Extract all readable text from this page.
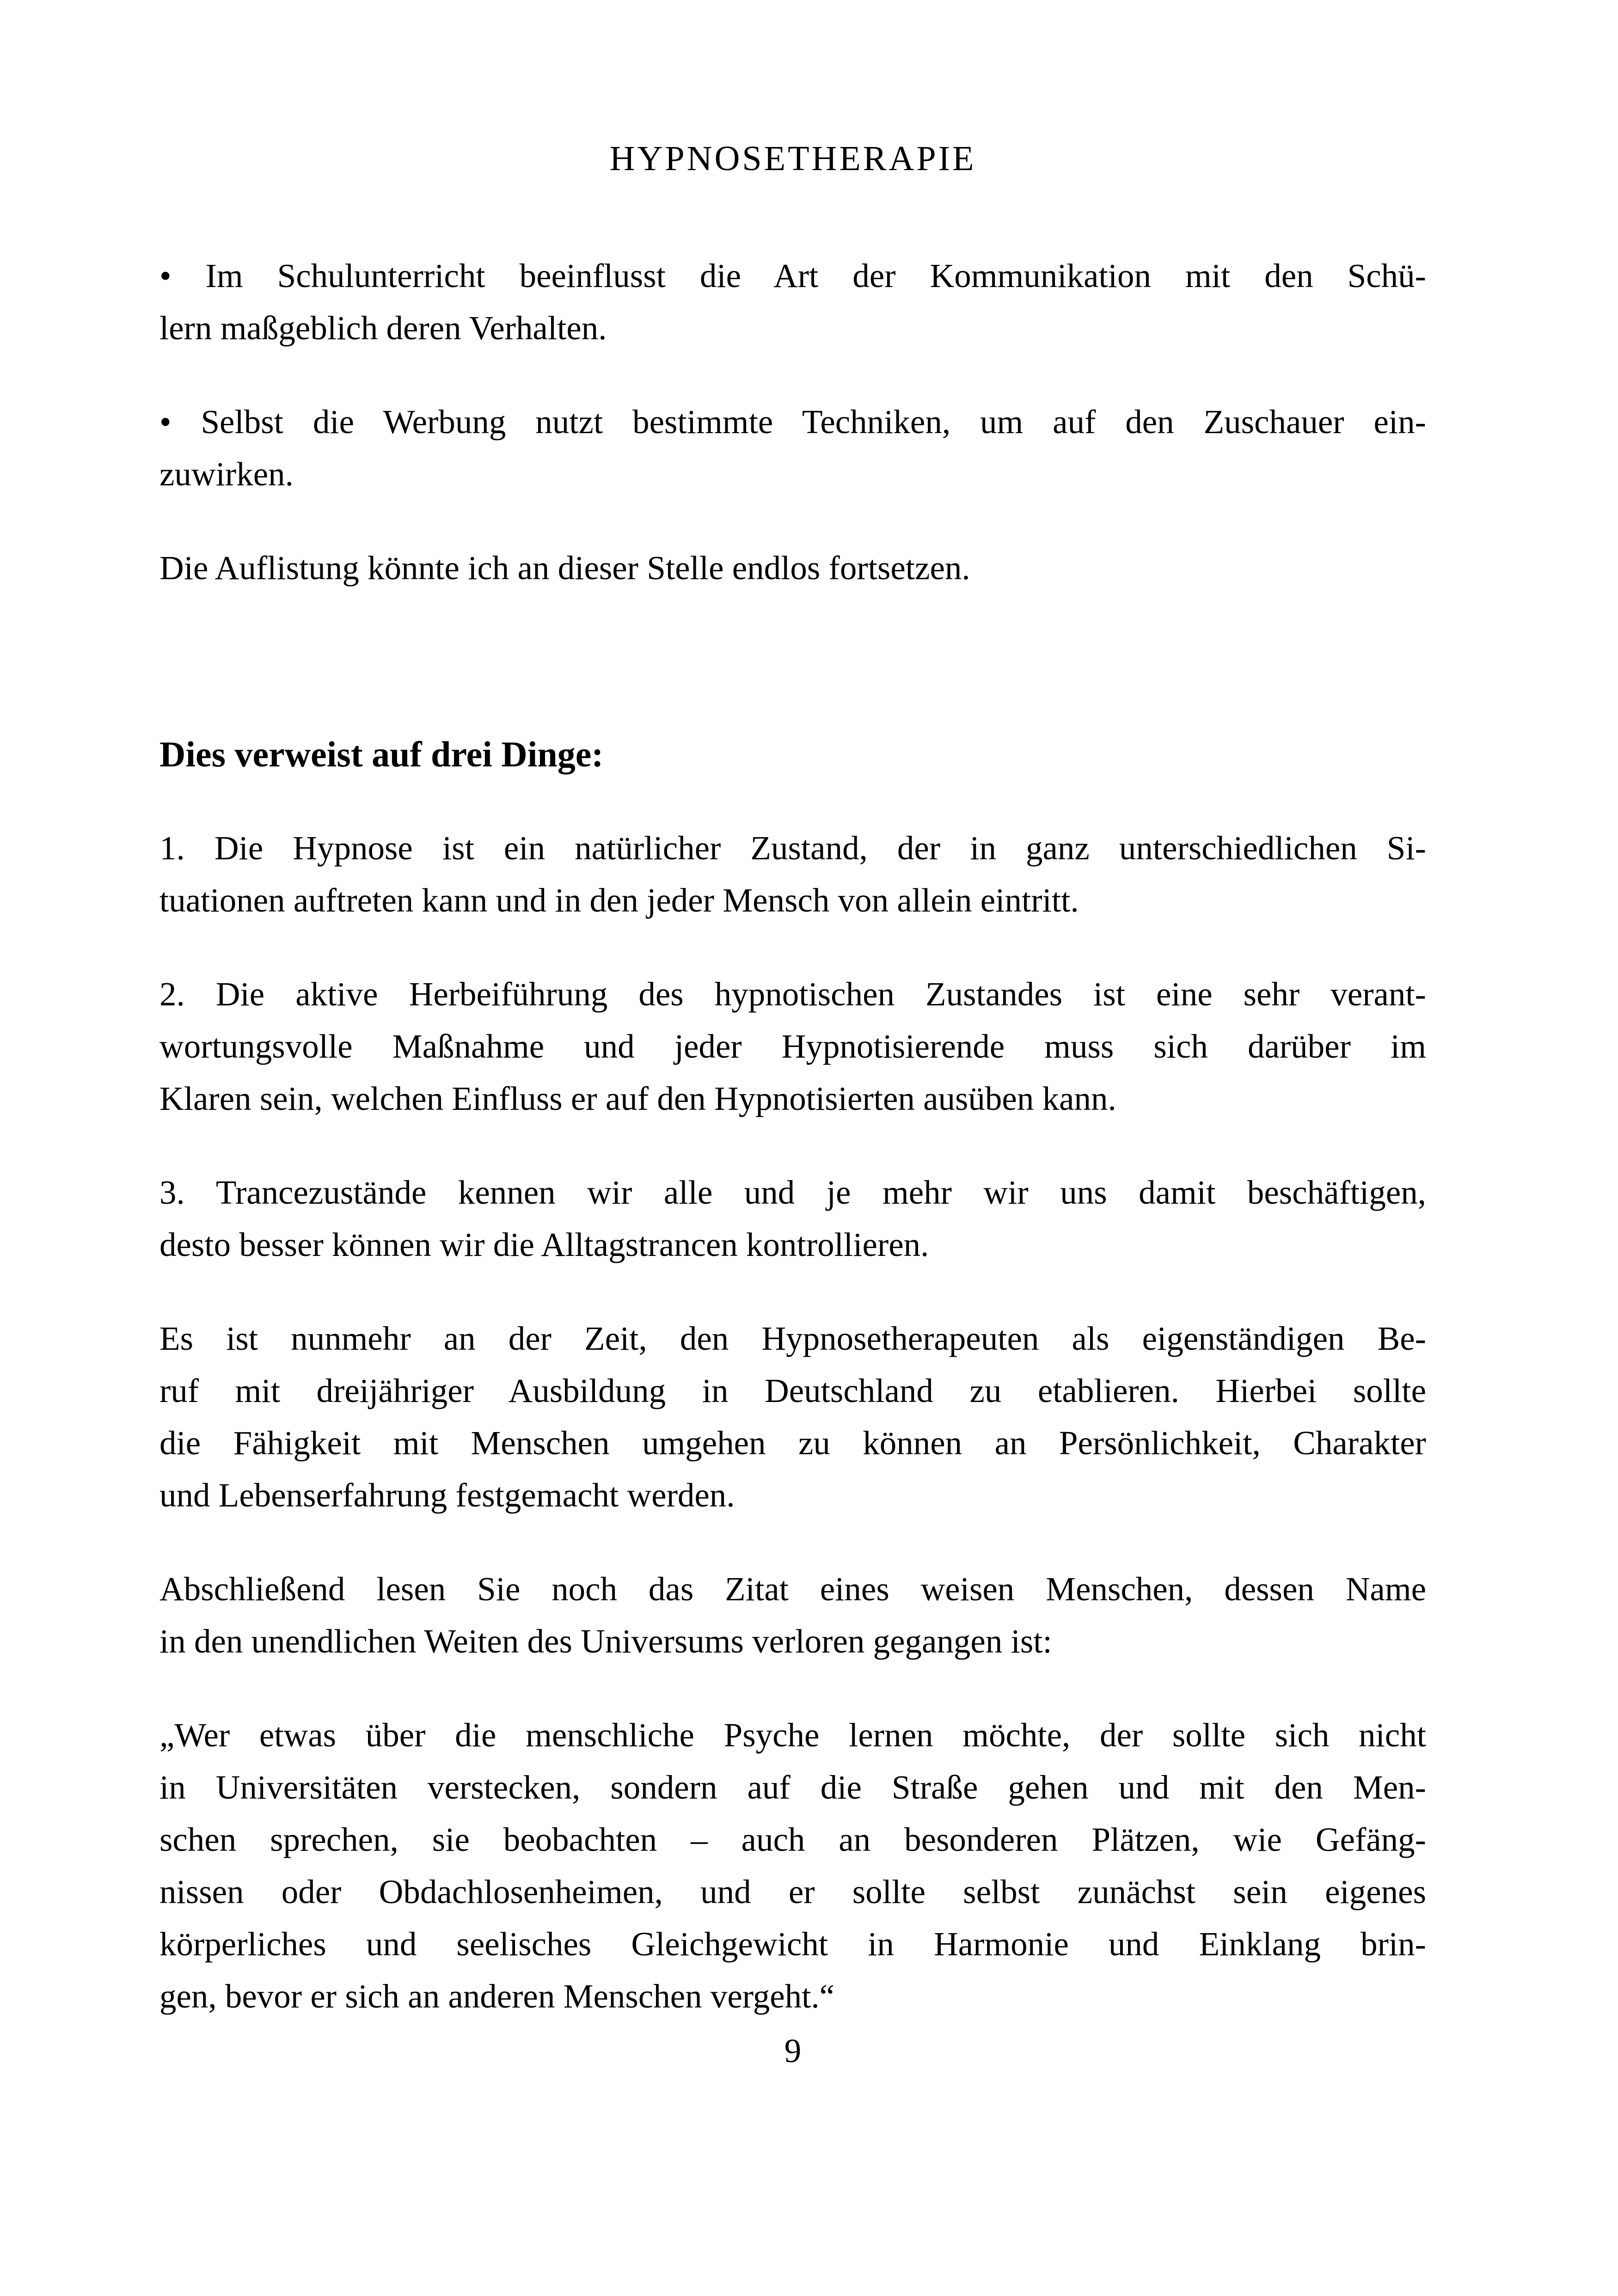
HYPNOSETHERAPIE
• Im Schulunterricht beeinflusst die Art der Kommunikation mit den Schü-
lern maßgeblich deren Verhalten.
• Selbst die Werbung nutzt bestimmte Techniken, um auf den Zuschauer ein-
zuwirken.
Die Auflistung könnte ich an dieser Stelle endlos fortsetzen.
Dies verweist auf drei Dinge:
1. Die Hypnose ist ein natürlicher Zustand, der in ganz unterschiedlichen Si-
tuationen auftreten kann und in den jeder Mensch von allein eintritt.
2. Die aktive Herbeiführung des hypnotischen Zustandes ist eine sehr verant-
wortungsvolle Maßnahme und jeder Hypnotisierende muss sich darüber im
Klaren sein, welchen Einfluss er auf den Hypnotisierten ausüben kann.
3. Trancezustände kennen wir alle und je mehr wir uns damit beschäftigen,
desto besser können wir die Alltagstrancen kontrollieren.
Es ist nunmehr an der Zeit, den Hypnosetherapeuten als eigenständigen Be-
ruf mit dreijähriger Ausbildung in Deutschland zu etablieren. Hierbei sollte
die Fähigkeit mit Menschen umgehen zu können an Persönlichkeit, Charakter
und Lebenserfahrung festgemacht werden.
Abschließend lesen Sie noch das Zitat eines weisen Menschen, dessen Name
in den unendlichen Weiten des Universums verloren gegangen ist:
„Wer etwas über die menschliche Psyche lernen möchte, der sollte sich nicht
in Universitäten verstecken, sondern auf die Straße gehen und mit den Men-
schen sprechen, sie beobachten – auch an besonderen Plätzen, wie Gefäng-
nissen oder Obdachlosenheimen, und er sollte selbst zunächst sein eigenes
körperliches und seelisches Gleichgewicht in Harmonie und Einklang brin-
gen, bevor er sich an anderen Menschen vergeht.“
9
